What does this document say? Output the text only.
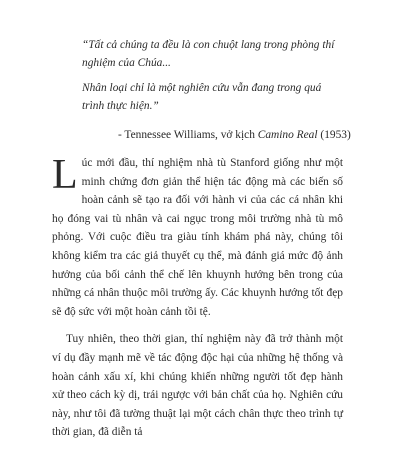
“Tất cả chúng ta đều là con chuột lang trong phòng thí nghiệm của Chúa...

Nhân loại chỉ là một nghiên cứu vẫn đang trong quá trình thực hiện.”

- Tennessee Williams, vở kịch Camino Real (1953)

Lúc mới đầu, thí nghiệm nhà tù Stanford giống như một minh chứng đơn giản thể hiện tác động mà các biến số hoàn cảnh sẽ tạo ra đối với hành vi của các cá nhân khi họ đóng vai tù nhân và cai ngục trong môi trường nhà tù mô phỏng. Với cuộc điều tra giàu tính khám phá này, chúng tôi không kiểm tra các giả thuyết cụ thể, mà đánh giá mức độ ảnh hưởng của bối cảnh thể chế lên khuynh hướng bên trong của những cá nhân thuộc môi trường ấy. Các khuynh hướng tốt đẹp sẽ độ sức với một hoàn cảnh tồi tệ.

Tuy nhiên, theo thời gian, thí nghiệm này đã trở thành một ví dụ đầy mạnh mẽ về tác động độc hại của những hệ thống và hoàn cảnh xấu xí, khi chúng khiến những người tốt đẹp hành xử theo cách kỳ dị, trái ngược với bản chất của họ. Nghiên cứu này, như tôi đã tường thuật lại một cách chân thực theo trình tự thời gian, đã diễn tả
